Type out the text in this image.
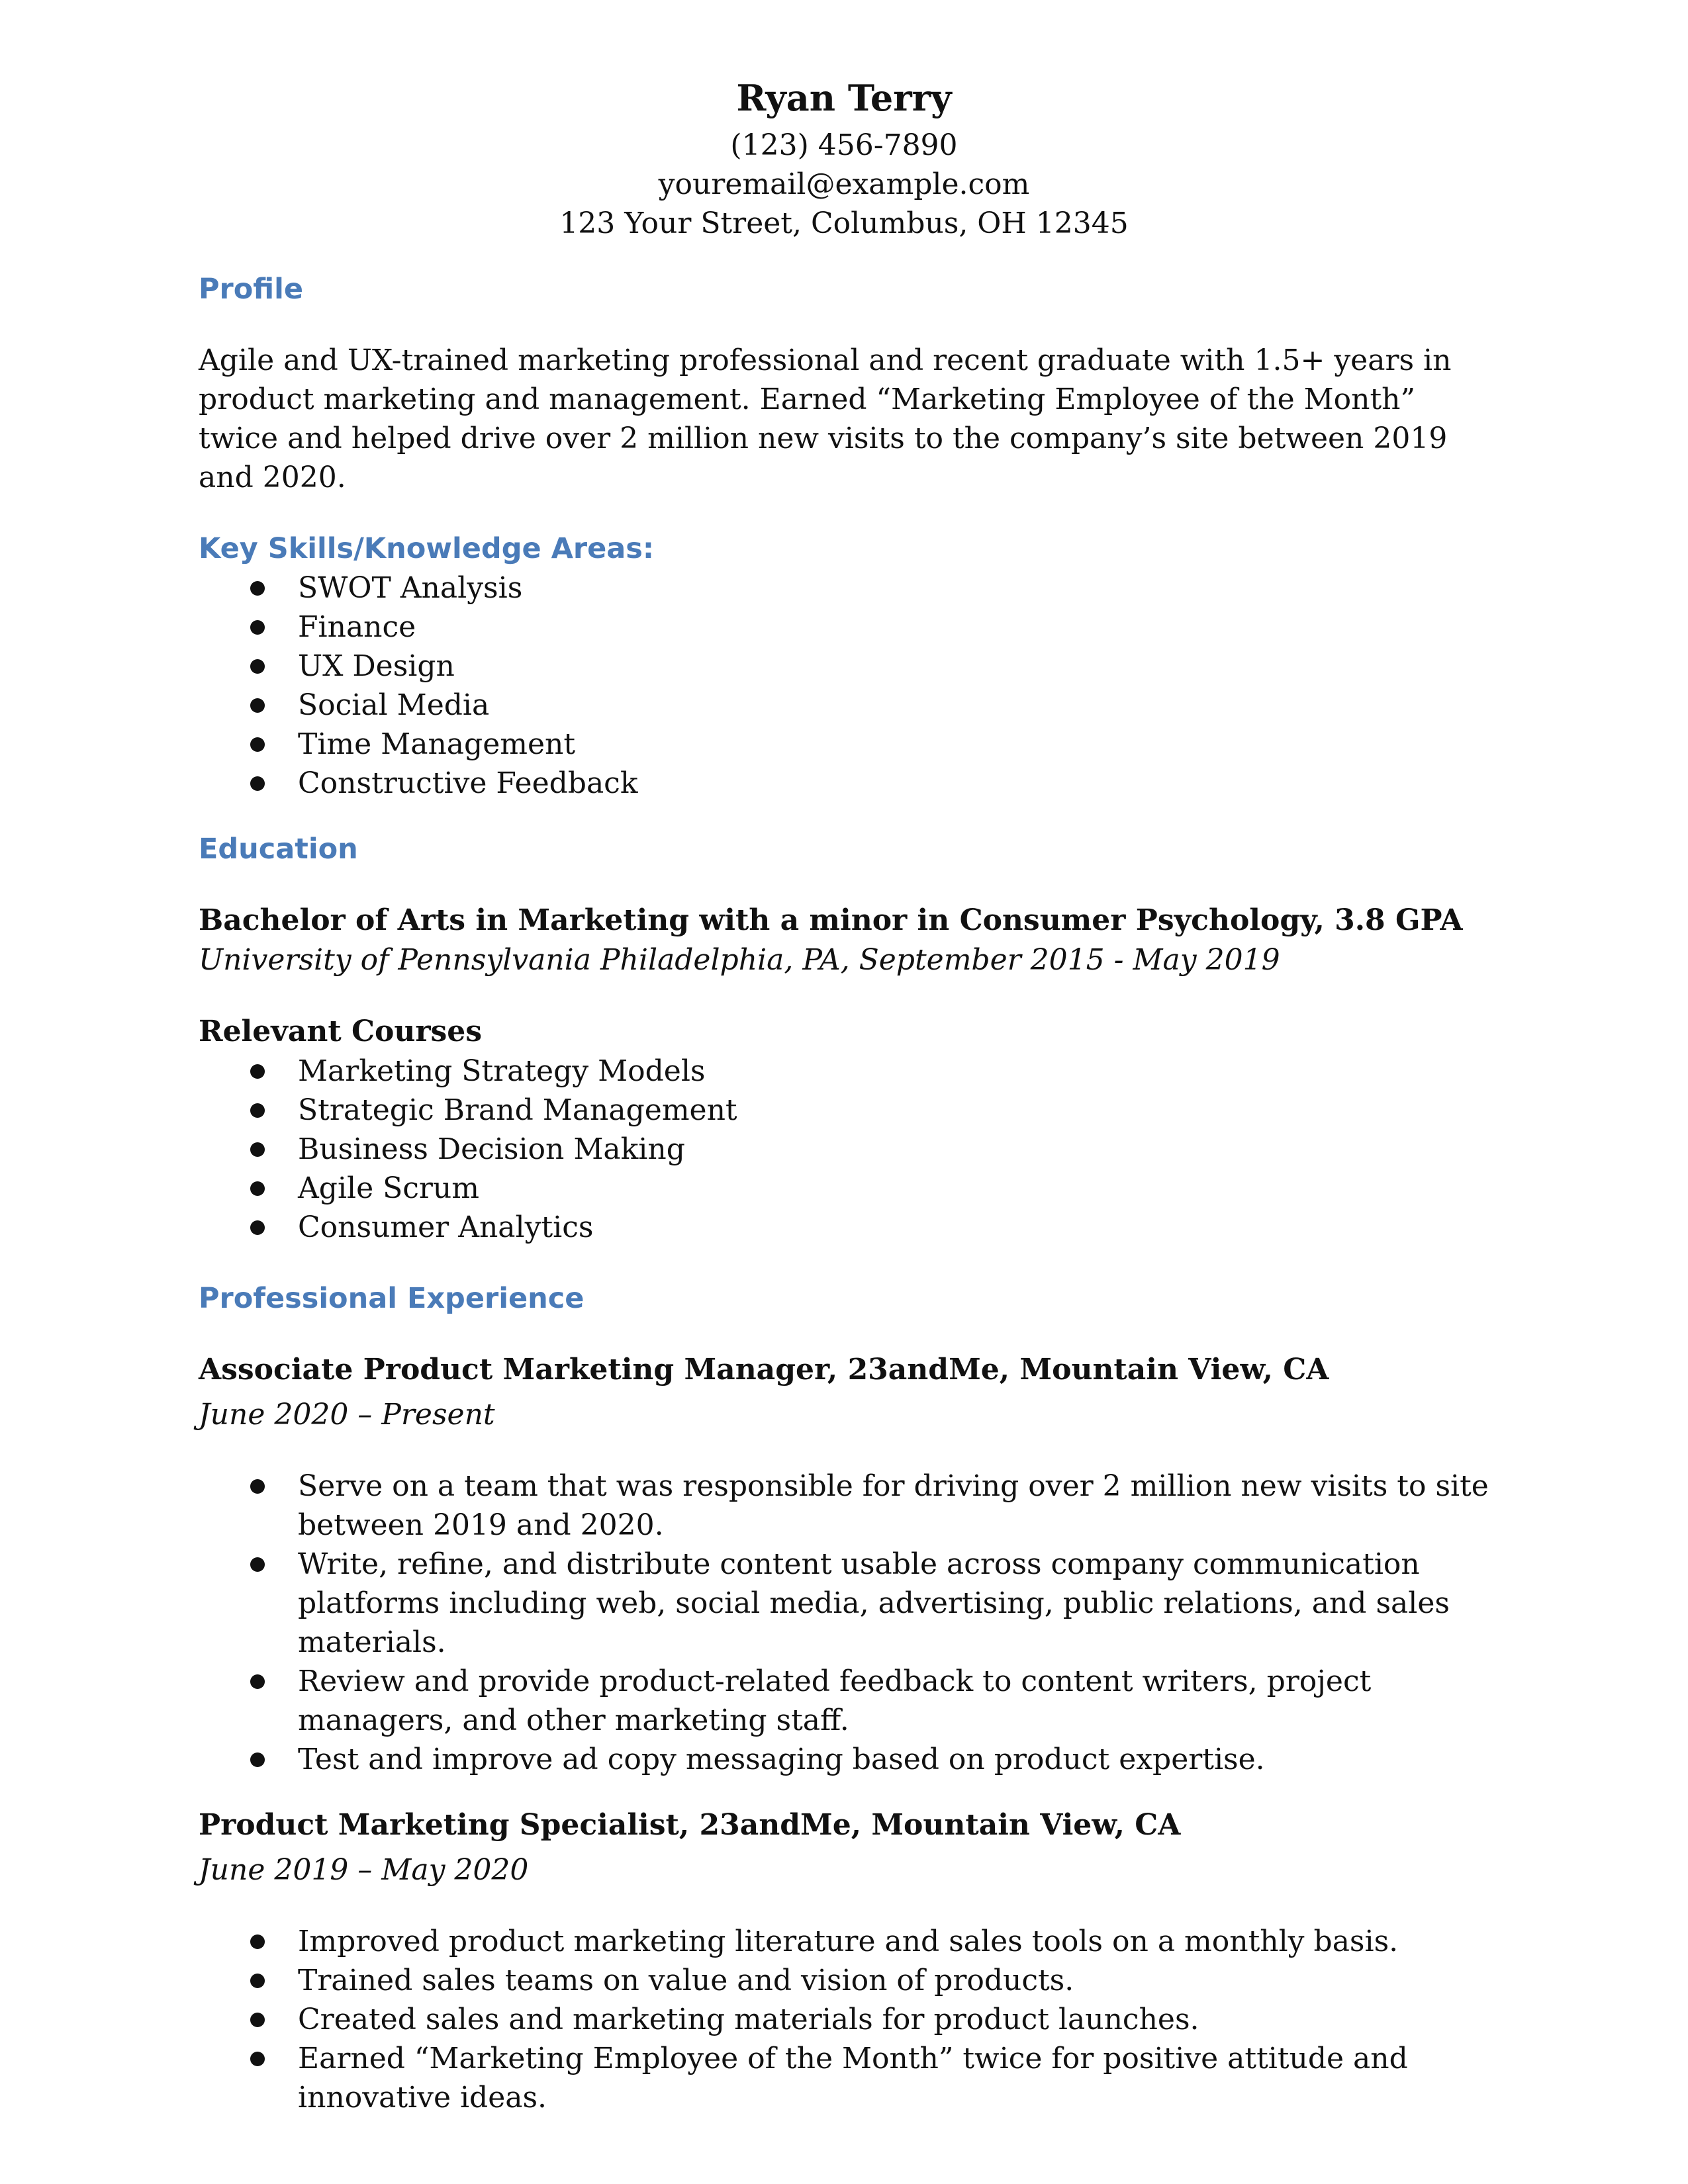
Ryan Terry

(123) 456-7890

youremail@example.com

123 Your Street, Columbus, OH 12345

Profile

Agile and UX-trained marketing professional and recent graduate with 1.5+ years in product marketing and management. Earned “Marketing Employee of the Month” twice and helped drive over 2 million new visits to the company’s site between 2019 and 2020.

Key Skills/Knowledge Areas:

SWOT Analysis
Finance
UX Design
Social Media
Time Management
Constructive Feedback

Education

Bachelor of Arts in Marketing with a minor in Consumer Psychology, 3.8 GPA

University of Pennsylvania Philadelphia, PA, September 2015 - May 2019

Relevant Courses

Marketing Strategy Models
Strategic Brand Management
Business Decision Making
Agile Scrum
Consumer Analytics

Professional Experience

Associate Product Marketing Manager, 23andMe, Mountain View, CA

June 2020 – Present

Serve on a team that was responsible for driving over 2 million new visits to site between 2019 and 2020.
Write, refine, and distribute content usable across company communication platforms including web, social media, advertising, public relations, and sales materials.
Review and provide product-related feedback to content writers, project managers, and other marketing staff.
Test and improve ad copy messaging based on product expertise.

Product Marketing Specialist, 23andMe, Mountain View, CA

June 2019 – May 2020

Improved product marketing literature and sales tools on a monthly basis.
Trained sales teams on value and vision of products.
Created sales and marketing materials for product launches.
Earned “Marketing Employee of the Month” twice for positive attitude and innovative ideas.
